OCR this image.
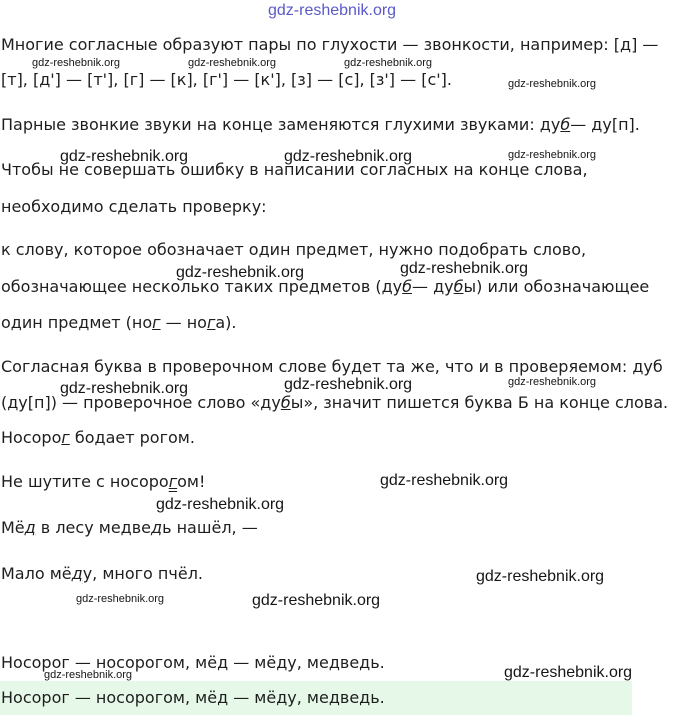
gdz-reshebnik.org
Многие согласные образуют пары по глухости — звонкости, например: [д] —
[т], [д'] — [т'], [г] — [к], [г'] — [к'], [з] — [с], [з'] — [с'].
Парные звонкие звуки на конце заменяются глухими звуками: дуб— ду[п].
Чтобы не совершать ошибку в написании согласных на конце слова,
необходимо сделать проверку:
к слову, которое обозначает один предмет, нужно подобрать слово,
обозначающее несколько таких предметов (дуб— дубы) или обозначающее
один предмет (ног — нога).
Согласная буква в проверочном слове будет та же, что и в проверяемом: дуб
(ду[п]) — проверочное слово «дубы», значит пишется буква Б на конце слова.
Носорог бодает рогом.
Не шутите с носорогом!
Мёд в лесу медведь нашёл, —
Мало мёду, много пчёл.
Носорог — носорогом, мёд — мёду, медведь.
Носорог — носорогом, мёд — мёду, медведь.
gdz-reshebnik.org	gdz-reshebnik.org	gdz-reshebnik.org
gdz-reshebnik.org
gdz-reshebnik.org	gdz-reshebnik.org	gdz-reshebnik.org
gdz-reshebnik.org	gdz-reshebnik.org
gdz-reshebnik.org	gdz-reshebnik.org	gdz-reshebnik.org
gdz-reshebnik.org
gdz-reshebnik.org
gdz-reshebnik.org
gdz-reshebnik.org	gdz-reshebnik.org
gdz-reshebnik.org	gdz-reshebnik.org
